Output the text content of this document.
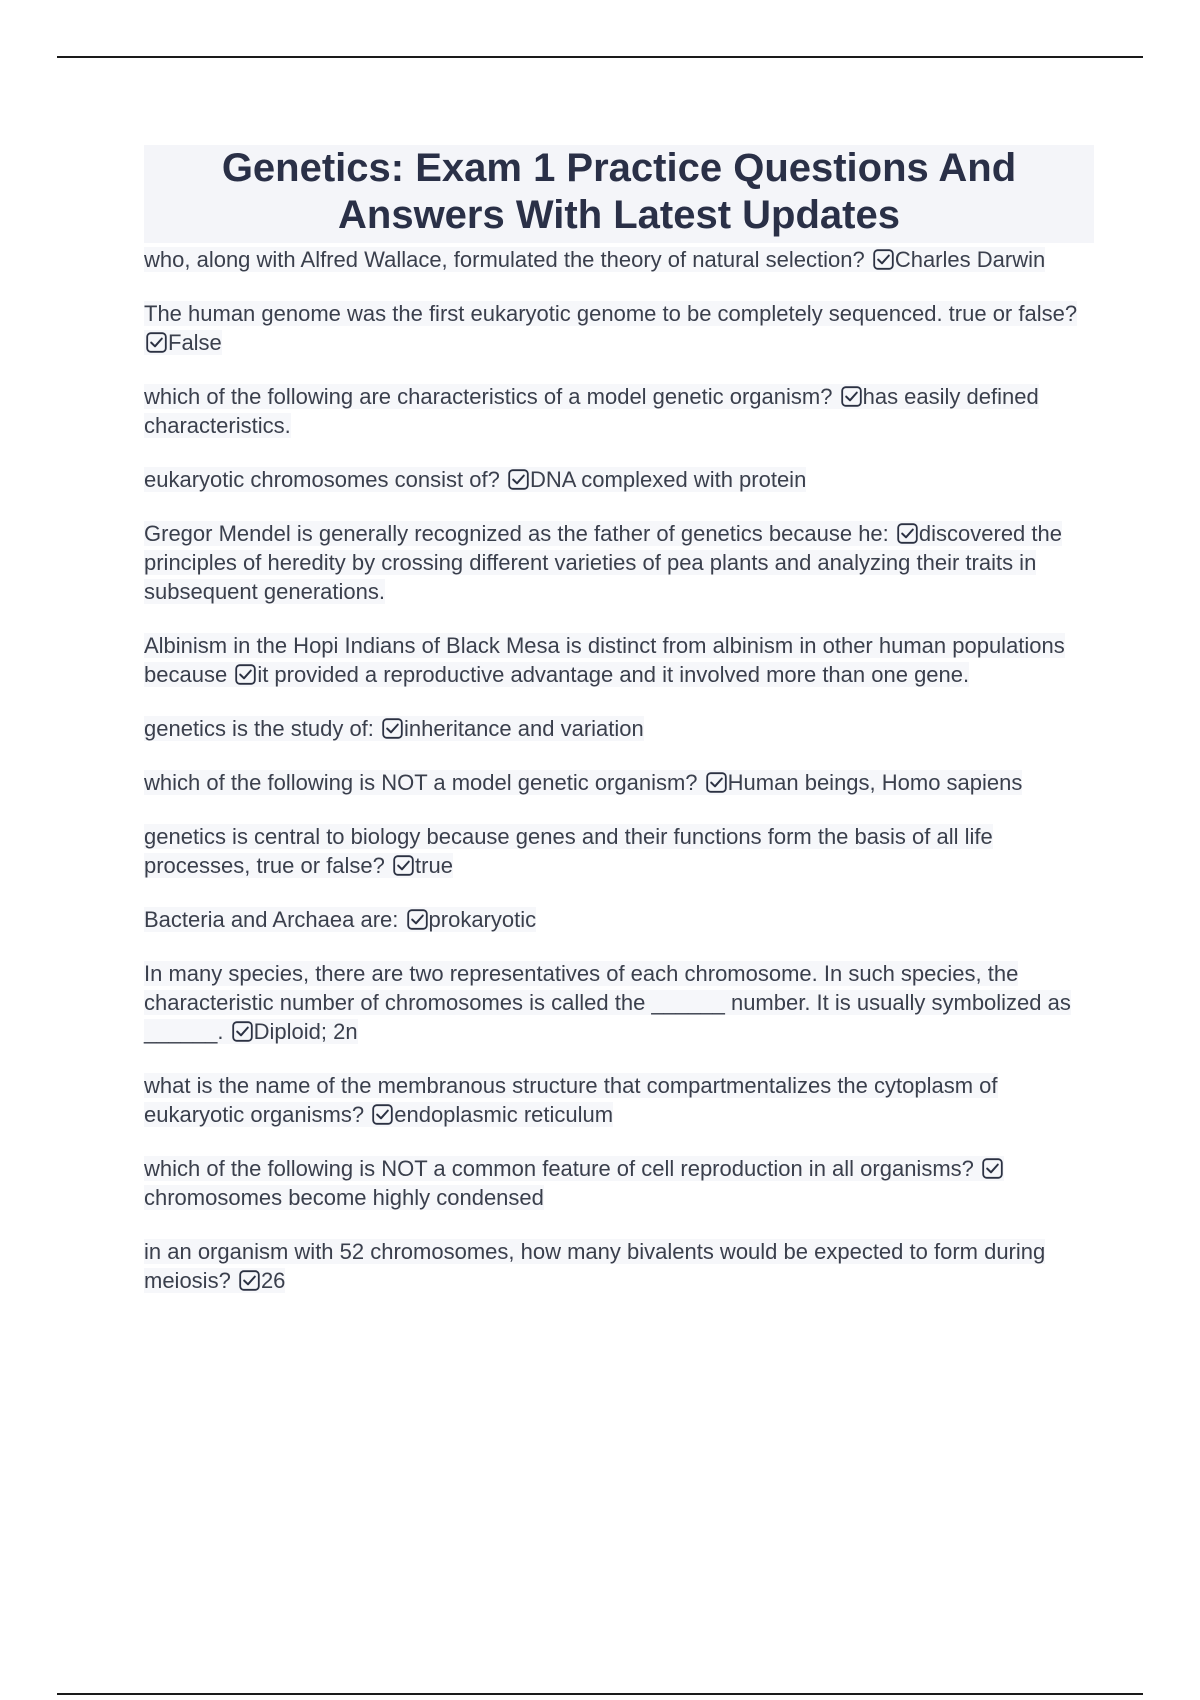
Genetics: Exam 1 Practice Questions And Answers With Latest Updates

who, along with Alfred Wallace, formulated the theory of natural selection? Charles Darwin

The human genome was the first eukaryotic genome to be completely sequenced. true or false?
False

which of the following are characteristics of a model genetic organism? has easily defined characteristics.

eukaryotic chromosomes consist of? DNA complexed with protein

Gregor Mendel is generally recognized as the father of genetics because he: discovered the principles of heredity by crossing different varieties of pea plants and analyzing their traits in subsequent generations.

Albinism in the Hopi Indians of Black Mesa is distinct from albinism in other human populations because it provided a reproductive advantage and it involved more than one gene.

genetics is the study of: inheritance and variation

which of the following is NOT a model genetic organism? Human beings, Homo sapiens

genetics is central to biology because genes and their functions form the basis of all life processes, true or false? true

Bacteria and Archaea are: prokaryotic

In many species, there are two representatives of each chromosome. In such species, the characteristic number of chromosomes is called the ______ number. It is usually symbolized as ______. Diploid; 2n

what is the name of the membranous structure that compartmentalizes the cytoplasm of eukaryotic organisms? endoplasmic reticulum

which of the following is NOT a common feature of cell reproduction in all organisms?
chromosomes become highly condensed

in an organism with 52 chromosomes, how many bivalents would be expected to form during meiosis? 26
